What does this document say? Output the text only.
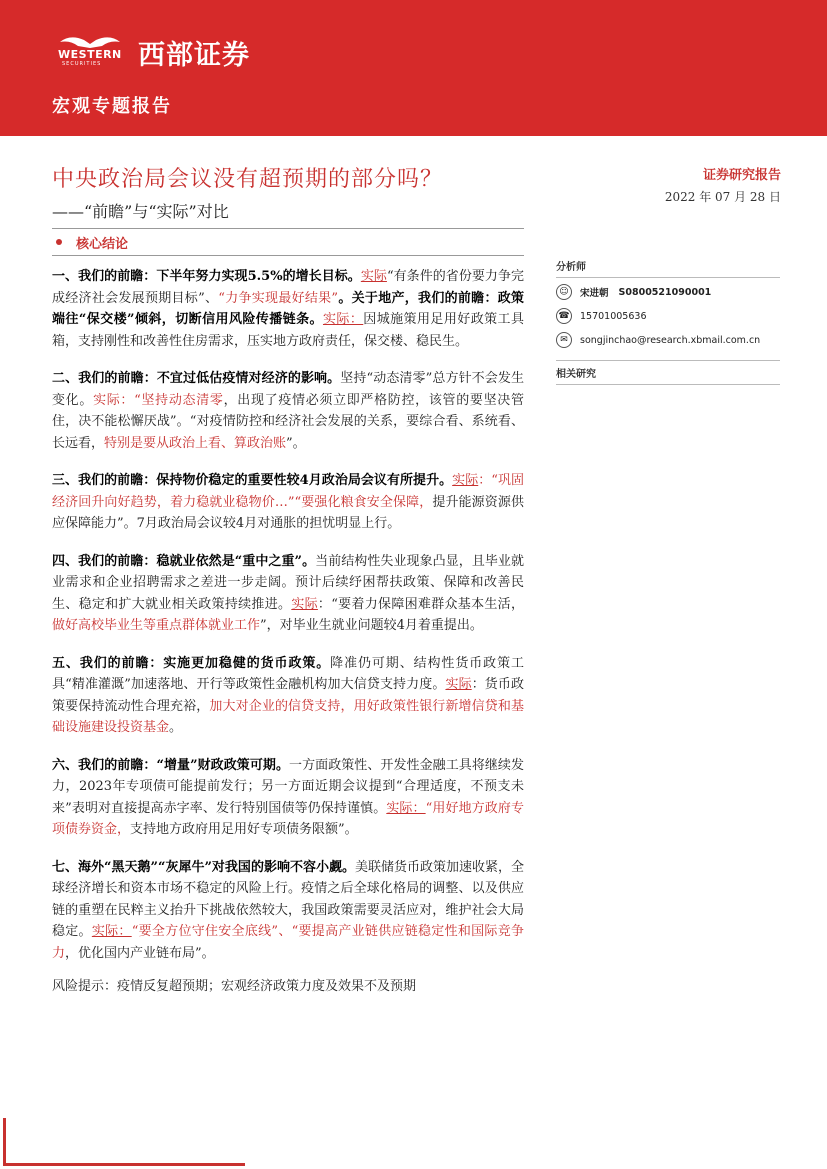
WESTERN
SECURITIES 西部证券
宏观专题报告
中央政治局会议没有超预期的部分吗？
——“前瞻”与“实际”对比
证券研究报告
2022 年 07 月 28 日
核心结论
一、我们的前瞻：下半年努力实现5.5%的增长目标。实际“有条件的省份要力争完成经济社会发展预期目标”、“力争实现最好结果”。关于地产，我们的前瞻：政策端往“保交楼”倾斜，切断信用风险传播链条。实际：因城施策用足用好政策工具箱，支持刚性和改善性住房需求，压实地方政府责任，保交楼、稳民生。
二、我们的前瞻：不宜过低估疫情对经济的影响。坚持“动态清零”总方针不会发生变化。实际：“坚持动态清零，出现了疫情必须立即严格防控，该管的要坚决管住，决不能松懈厌战”。“对疫情防控和经济社会发展的关系，要综合看、系统看、长远看，特别是要从政治上看、算政治账”。
三、我们的前瞻：保持物价稳定的重要性较4月政治局会议有所提升。实际：“巩固经济回升向好趋势，着力稳就业稳物价…”“要强化粮食安全保障，提升能源资源供应保障能力”。7月政治局会议较4月对通胀的担忧明显上行。
四、我们的前瞻：稳就业依然是“重中之重”。当前结构性失业现象凸显，且毕业就业需求和企业招聘需求之差进一步走阔。预计后续纾困帮扶政策、保障和改善民生、稳定和扩大就业相关政策持续推进。实际：“要着力保障困难群众基本生活，做好高校毕业生等重点群体就业工作”，对毕业生就业问题较4月着重提出。
五、我们的前瞻：实施更加稳健的货币政策。降准仍可期、结构性货币政策工具“精准灌溉”加速落地、开行等政策性金融机构加大信贷支持力度。实际：货币政策要保持流动性合理充裕，加大对企业的信贷支持，用好政策性银行新增信贷和基础设施建设投资基金。
六、我们的前瞻：“增量”财政政策可期。一方面政策性、开发性金融工具将继续发力，2023年专项债可能提前发行；另一方面近期会议提到“合理适度，不预支未来”表明对直接提高赤字率、发行特别国债等仍保持谨慎。实际：“用好地方政府专项债券资金，支持地方政府用足用好专项债务限额”。
七、海外“黑天鹅”“灰犀牛”对我国的影响不容小觑。美联储货币政策加速收紧，全球经济增长和资本市场不稳定的风险上行。疫情之后全球化格局的调整、以及供应链的重塑在民粹主义抬升下挑战依然较大，我国政策需要灵活应对，维护社会大局稳定。实际：“要全方位守住安全底线”、“要提高产业链供应链稳定性和国际竞争力，优化国内产业链布局”。
风险提示：疫情反复超预期；宏观经济政策力度及效果不及预期
分析师
☺	宋进朝 S0800521090001
☎ 15701005636
✉	songjinchao@research.xbmail.com.cn
相关研究
